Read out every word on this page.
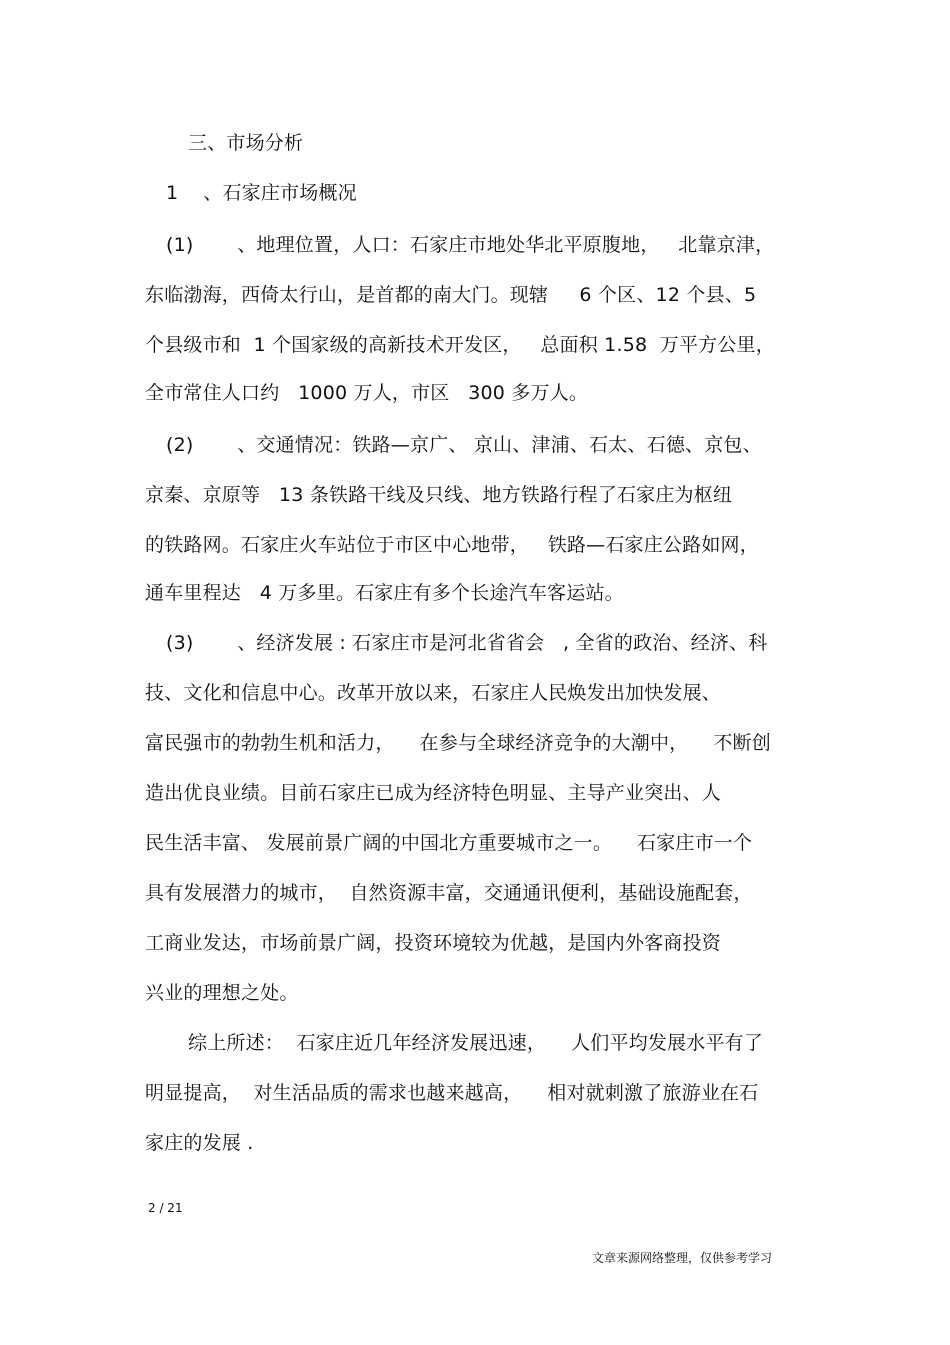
三、市场分析
1    、石家庄市场概况
(1)       、地理位置，人口：石家庄市地处华北平原腹地，   北靠京津，
东临渤海，西倚太行山，是首都的南大门。现辖     6 个区、12 个县、5
个县级市和  1 个国家级的高新技术开发区，   总面积 1.58  万平方公里，
全市常住人口约   1000 万人，市区   300 多万人。
(2)       、交通情况：铁路—京广、 京山、津浦、石太、石德、京包、
京秦、京原等   13 条铁路干线及只线、地方铁路行程了石家庄为枢纽
的铁路网。石家庄火车站位于市区中心地带，   铁路—石家庄公路如网，
通车里程达   4 万多里。石家庄有多个长途汽车客运站。
(3)       、经济发展 : 石家庄市是河北省省会   , 全省的政治、经济、科
技、文化和信息中心。改革开放以来，石家庄人民焕发出加快发展、
富民强市的勃勃生机和活力，    在参与全球经济竞争的大潮中，    不断创
造出优良业绩。目前石家庄已成为经济特色明显、主导产业突出、人
民生活丰富、 发展前景广阔的中国北方重要城市之一。    石家庄市一个
具有发展潜力的城市，  自然资源丰富，交通通讯便利，基础设施配套，
工商业发达，市场前景广阔，投资环境较为优越，是国内外客商投资
兴业的理想之处。
综上所述：  石家庄近几年经济发展迅速，    人们平均发展水平有了
明显提高，  对生活品质的需求也越来越高，    相对就刺激了旅游业在石
家庄的发展 .
2 / 21
文章来源网络整理，仅供参考学习
